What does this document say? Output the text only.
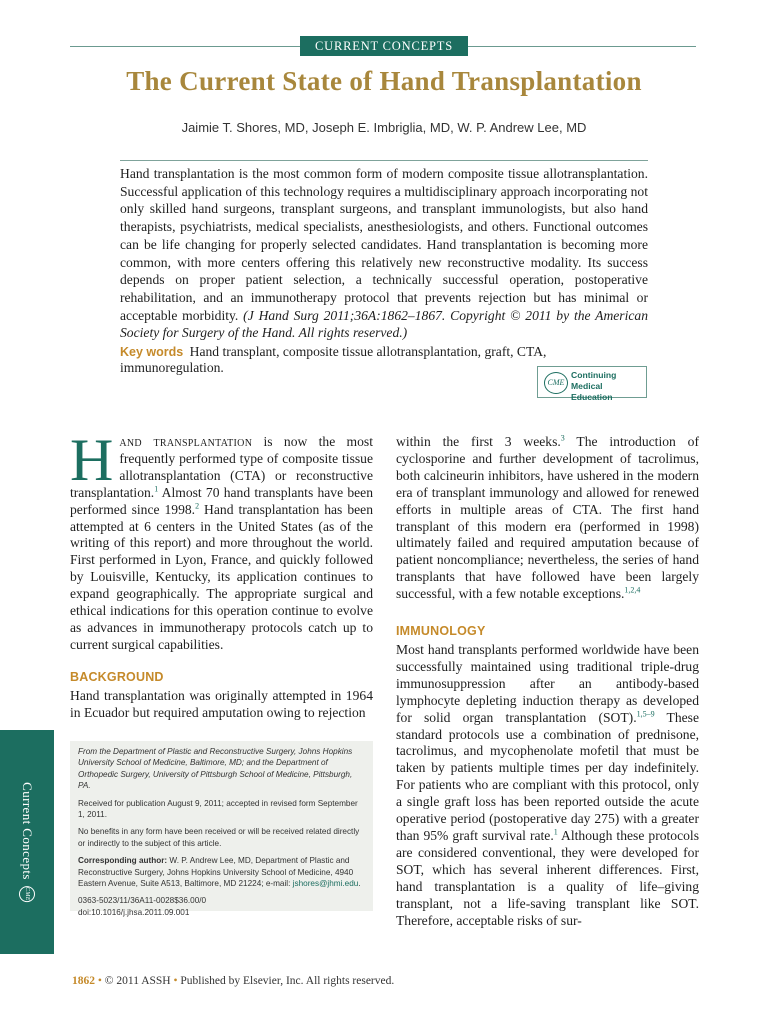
CURRENT CONCEPTS
The Current State of Hand Transplantation
Jaimie T. Shores, MD, Joseph E. Imbriglia, MD, W. P. Andrew Lee, MD
Hand transplantation is the most common form of modern composite tissue allotransplantation. Successful application of this technology requires a multidisciplinary approach incorporating not only skilled hand surgeons, transplant surgeons, and transplant immunologists, but also hand therapists, psychiatrists, medical specialists, anesthesiologists, and others. Functional outcomes can be life changing for properly selected candidates. Hand transplantation is becoming more common, with more centers offering this relatively new reconstructive modality. Its success depends on proper patient selection, a technically successful operation, postoperative rehabilitation, and an immunotherapy protocol that prevents rejection but has minimal or acceptable morbidity. (J Hand Surg 2011;36A:1862–1867. Copyright © 2011 by the American Society for Surgery of the Hand. All rights reserved.)
Key words Hand transplant, composite tissue allotransplantation, graft, CTA, immunoregulation.
CME
Continuing Medical
Education

Hand transplantation is now the most frequently performed type of composite tissue allotransplantation (CTA) or reconstructive transplantation.$^1$ Almost 70 hand transplants have been performed since 1998.$^2$ Hand transplantation has been attempted at 6 centers in the United States (as of the writing of this report) and more throughout the world. First performed in Lyon, France, and quickly followed by Louisville, Kentucky, its application continues to expand geographically. The appropriate surgical and ethical indications for this operation continue to evolve as advances in immunotherapy protocols catch up to current surgical capabilities.

BACKGROUND
Hand transplantation was originally attempted in 1964 in Ecuador but required amputation owing to rejection

within the first 3 weeks.$^3$ The introduction of cyclosporine and further development of tacrolimus, both calcineurin inhibitors, have ushered in the modern era of transplant immunology and allowed for renewed efforts in multiple areas of CTA. The first hand transplant of this modern era (performed in 1998) ultimately failed and required amputation because of patient noncompliance; nevertheless, the series of hand transplants that have followed have been largely successful, with a few notable exceptions.$^{1,2,4}$

IMMUNOLOGY

Most hand transplants performed worldwide have been successfully maintained using traditional triple-drug immunosuppression after an antibody-based lymphocyte depleting induction therapy as developed for solid organ transplantation (SOT).$^{1,5-9}$ These standard protocols use a combination of prednisone, tacrolimus, and mycophenolate mofetil that must be taken by patients multiple times per day indefinitely. For patients who are compliant with this protocol, only a single graft loss has been reported outside the acute operative period (postoperative day 275) with a greater than 95% graft survival rate.$^1$ Although these protocols are considered conventional, they were developed for SOT, which has several inherent differences. First, hand transplantation is a quality of life–giving transplant, not a life-saving transplant like SOT. Therefore, acceptable risks of sur-

Current Concepts
CME

From the Department of Plastic and Reconstructive Surgery, Johns Hopkins University School of Medicine, Baltimore, MD; and the Department of Orthopedic Surgery, University of Pittsburgh School of Medicine, Pittsburgh, PA.

Received for publication August 9, 2011; accepted in revised form September 1, 2011.

No benefits in any form have been received or will be received related directly or indirectly to the subject of this article.

Corresponding author: W. P. Andrew Lee, MD, Department of Plastic and Reconstructive Surgery, Johns Hopkins University School of Medicine, 4940 Eastern Avenue, Suite A513, Baltimore, MD 21224; e-mail: jshores@jhmi.edu.

0363-5023/11/36A11-0028$36.00/0
doi:10.1016/j.jhsa.2011.09.001

1862 • © 2011 ASSH • Published by Elsevier, Inc. All rights reserved.
